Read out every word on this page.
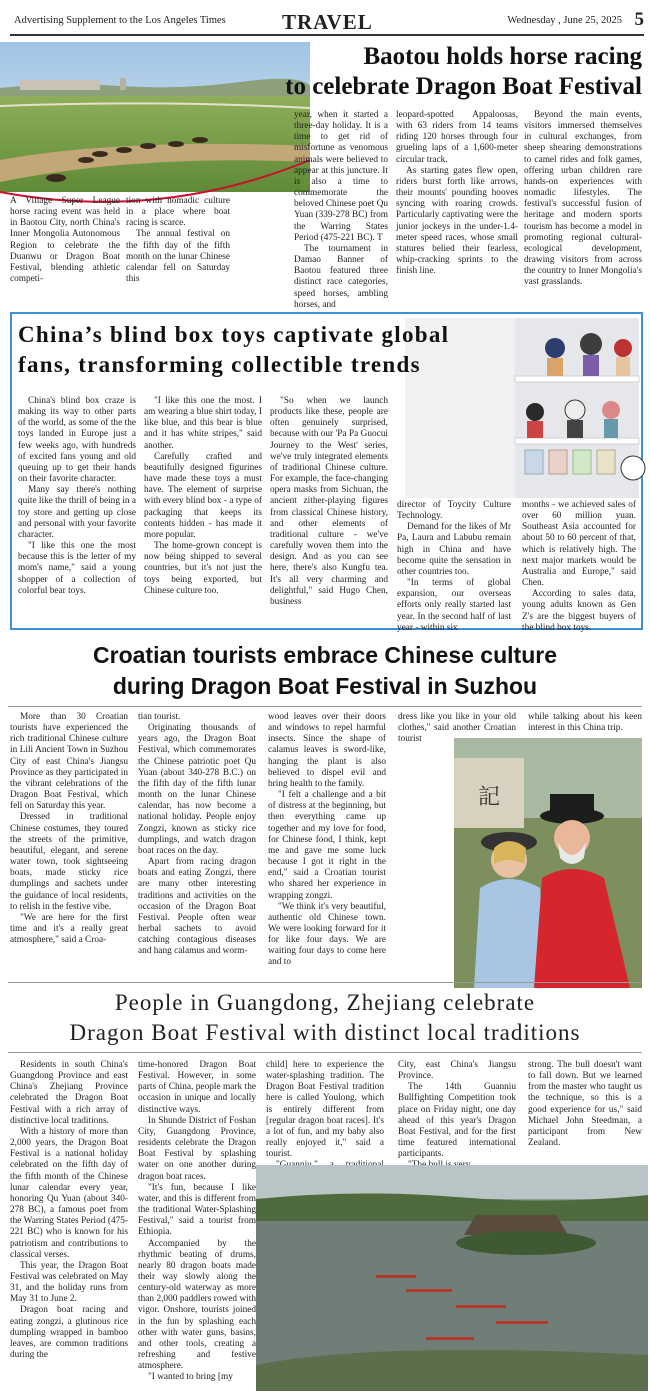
Advertising Supplement to the Los Angeles Times	TRAVEL	Wednesday , June 25, 2025 5
Baotou holds horse racing
to celebrate Dragon Boat Festival

A Village Super League horse racing event was held in Baotou City, north China's Inner Mongolia Autonomous Region to celebrate the Duanwu or Dragon Boat Festival, blending athletic competi-

tion with nomadic culture in a place where boat racing is scarce.

The annual festival on the fifth day of the fifth month on the lunar Chinese calendar fell on Saturday this

year, when it started a three-day holiday. It is a time to get rid of misfortune as venomous animals were believed to appear at this juncture. It is also a time to commemorate the beloved Chinese poet Qu Yuan (339-278 BC) from the Warring States Period (475-221 BC). T

The tournament in Damao Banner of Baotou featured three distinct race categories, speed horses, ambling horses, and

leopard-spotted Appaloosas, with 63 riders from 14 teams riding 120 horses through four grueling laps of a 1,600-meter circular track.

As starting gates flew open, riders burst forth like arrows, their mounts' pounding hooves syncing with roaring crowds. Particularly captivating were the junior jockeys in the under-1.4-meter speed races, whose small statures belied their fearless, whip-cracking sprints to the finish line.

Beyond the main events, visitors immersed themselves in cultural exchanges, from sheep shearing demonstrations to camel rides and folk games, offering urban children rare hands-on experiences with nomadic lifestyles. The festival's successful fusion of heritage and modern sports tourism has become a model in promoting regional cultural-ecological development, drawing visitors from across the country to Inner Mongolia's vast grasslands.

China’s blind box toys captivate global
fans, transforming collectible trends

China's blind box craze is making its way to other parts of the world, as some of the the toys landed in Europe just a few weeks ago, with hundreds of excited fans young and old queuing up to get their hands on their favorite character.

Many say there's nothing quite like the thrill of being in a toy store and getting up close and personal with your favorite character.

"I like this one the most because this is the letter of my mom's name," said a young shopper of a collection of colorful bear toys.

"I like this one the most. I am wearing a blue shirt today, I like blue, and this bear is blue and it has white stripes," said another.

Carefully crafted and beautifully designed figurines have made these toys a must have. The element of surprise with every blind box - a type of packaging that keeps its contents hidden - has made it more popular.

The home-grown concept is now being shipped to several countries, but it's not just the toys being exported, but Chinese culture too.

"So when we launch products like these, people are often genuinely surprised, because with our 'Pa Pa Guocui Journey to the West' series, we've truly integrated elements of traditional Chinese culture. For example, the face-changing opera masks from Sichuan, the ancient zither-playing figures from classical Chinese history, and other elements of traditional culture - we've carefully woven them into the design. And as you can see here, there's also Kungfu tea. It's all very charming and delightful," said Hugo Chen, business

director of Toycity Culture Technology.

Demand for the likes of Mr Pa, Laura and Labubu remain high in China and have become quite the sensation in other countries too.

"In terms of global expansion, our overseas efforts only really started last year. In the second half of last year - within six

months - we achieved sales of over 60 million yuan. Southeast Asia accounted for about 50 to 60 percent of that, which is relatively high. The next major markets would be Australia and Europe," said Chen.

According to sales data, young adults known as Gen Z's are the biggest buyers of the blind box toys.

Croatian tourists embrace Chinese culture
during Dragon Boat Festival in Suzhou

More than 30 Croatian tourists have experienced the rich traditional Chinese culture in Lili Ancient Town in Suzhou City of east China's Jiangsu Province as they participated in the vibrant celebrations of the Dragon Boat Festival, which fell on Saturday this year.

Dressed in traditional Chinese costumes, they toured the streets of the primitive, beautiful, elegant, and serene water town, took sightseeing boats, made sticky rice dumplings and sachets under the guidance of local residents, to relish in the festive vibe.

"We are here for the first time and it's a really great atmosphere," said a Croa-

tian tourist.

Originating thousands of years ago, the Dragon Boat Festival, which commemorates the Chinese patriotic poet Qu Yuan (about 340-278 B.C.) on the fifth day of the fifth lunar month on the lunar Chinese calendar, has now become a national holiday. People enjoy Zongzi, known as sticky rice dumplings, and watch dragon boat races on the day.

Apart from racing dragon boats and eating Zongzi, there are many other interesting traditions and activities on the occasion of the Dragon Boat Festival. People often wear herbal sachets to avoid catching contagious diseases and hang calamus and worm-

wood leaves over their doors and windows to repel harmful insects. Since the shape of calamus leaves is sword-like, hanging the plant is also believed to dispel evil and bring health to the family.

"I felt a challenge and a bit of distress at the beginning, but then everything came up together and my love for food, for Chinese food, I think, kept me and gave me some luck because I got it right in the end," said a Croatian tourist who shared her experience in wrapping zongzi.

"We think it's very beautiful, authentic old Chinese town. We were looking forward for it for like four days. We are waiting four days to come here and to

dress like you like in your old clothes," said another Croatian tourist

while talking about his keen interest in this China trip.

記
People in Guangdong, Zhejiang celebrate
Dragon Boat Festival with distinct local traditions

Residents in south China's Guangdong Province and east China's Zhejiang Province celebrated the Dragon Boat Festival with a rich array of distinctive local traditions.

With a history of more than 2,000 years, the Dragon Boat Festival is a national holiday celebrated on the fifth day of the fifth month of the Chinese lunar calendar every year, honoring Qu Yuan (about 340-278 BC), a famous poet from the Warring States Period (475-221 BC) who is known for his patriotism and contributions to classical verses.

This year, the Dragon Boat Festival was celebrated on May 31, and the holiday runs from May 31 to June 2.

Dragon boat racing and eating zongzi, a glutinous rice dumpling wrapped in bamboo leaves, are common traditions during the

time-honored Dragon Boat Festival. However, in some parts of China, people mark the occasion in unique and locally distinctive ways.

In Shunde District of Foshan City, Guangdong Province, residents celebrate the Dragon Boat Festival by splashing water on one another during dragon boat races.

"It's fun, because I like water, and this is different from the traditional Water-Splashing Festival," said a tourist from Ethiopia.

Accompanied by the rhythmic beating of drums, nearly 80 dragon boats made their way slowly along the century-old waterway as more than 2,000 paddlers rowed with vigor. Onshore, tourists joined in the fun by splashing each other with water guns, basins, and other tools, creating a refreshing and festive atmosphere.

"I wanted to bring [my

child] here to experience the water-splashing tradition. The Dragon Boat Festival tradition here is called Youlong, which is entirely different from [regular dragon boat races]. It's a lot of fun, and my baby also really enjoyed it," said a tourist.

City, east China's Jiangsu Province.

The 14th Guanniu Bullfighting Competition took place on Friday night, one day ahead of this year's Dragon Boat Festival, and for the first time featured international participants.

strong. The bull doesn't want to fall down. But we learned from the master who taught us the technique, so this is a good experience for us," said Michael John Steedman, a participant from New Zealand.
